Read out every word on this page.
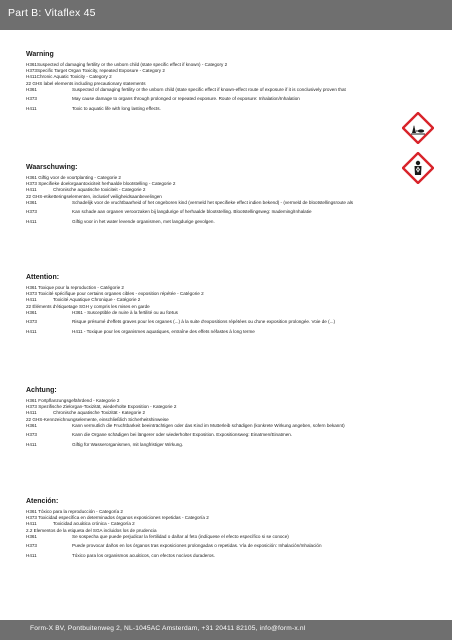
Part B: Vitaflex 45
Warning
H361 Suspected of damaging fertility or the unborn child (state specific effect if known) - Category 2
H373 Specific Target Organ Toxicity, repeated Exposure - Category 2
H411 Chronic Aquatic Toxicity - Category 2
22 GHS label elements including precautionary statements
H361	Suspected of damaging fertility or the unborn child (state specific effect if known-effect route of exposure if it is conclusively proven that
H373	May cause damage to organs through prolonged or repeated exposure. Route of exposure: Inhalation/Inhalation
H411	Toxic to aquatic life with long lasting effects.
Waarschuwing:
H361 Giftig voor de voortplanting - Categorie 2
H373 Specifieke doelorgaantoxiciteit herhaalde blootstelling - Categorie 2
H411	Chronische aquatische toxiciteit - Categorie 2
22 GHS-etiketteringselementen, inclusief veiligheidsaanbevelingen
H361	Schadelijk voor de vruchtbaarheid of het ongeboren kind (vermeld het specifieke effect indien bekend) - (vermeld de blootstellingsroute als
H373	Kan schade aan organen veroorzaken bij langdurige of herhaalde blootstelling. Blootstellingsweg: Inademing/Inhalatie
H411	Giftig voor in het water levende organismen, met langdurige gevolgen.
Attention:
H361 Toxique pour la reproduction - Catégorie 2
H373 Toxicité spécifique pour certains organes cibles - exposition répétée - Catégorie 2
H411	Toxicité Aquatique Chronique - Catégorie 2
22 Éléments d'étiquetage SGH y compris les mises en garde
H361	H361 - Susceptible de nuire à la fertilité ou au fœtus
H373	Risque présumé d'effets graves pour les organes (...) à la suite d'expositions répétées ou d'une exposition prolongée. Voie de (...)
H411	H411 - Toxique pour les organismes aquatiques, entraîne des effets néfastes à long terme
Achtung:
H361 Fortpflanzungsgefährdend - Kategorie 2
H373 Spezifische Zielorgan-Toxizität, wiederholte Exposition - Kategorie 2
H411	Chronische aquatische Toxizität - Kategorie 2
22 GHS-Kennzeichnungselemente, einschließlich Sicherheitshinweise
H361	Kann vermutlich die Fruchtbarkeit beeinträchtigen oder das Kind im Mutterleib schädigen (konkrete Wirkung angeben, sofern bekannt)
H373	Kann die Organe schädigen bei längerer oder wiederholter Exposition. Expositionsweg: Einatmen/Einatmen.
H411	Giftig für Wasserorganismen, mit langfristiger Wirkung.
Atención:
H361 Tóxico para la reproducción - Categoría 2
H373 Toxicidad específica en determinados órganos exposiciones repetidas - Categoría 2
H411	Toxicidad acuática crónica - Categoría 2
2.2 Elementos de la etiqueta del SGA incluidos los de prudencia
H361	Se sospecha que puede perjudicar la fertilidad o dañar al feto (indíquese el efecto específico si se conoce)
H373	Puede provocar daños en los órganos tras exposiciones prolongadas o repetidas. Vía de exposición: Inhalación/Inhalación
H411	Tóxico para los organismos acuáticos, con efectos nocivos duraderos.
Form-X BV, Pontbuitenweg 2, NL-1045AC Amsterdam, +31 20411 82105, info@form-x.nl
